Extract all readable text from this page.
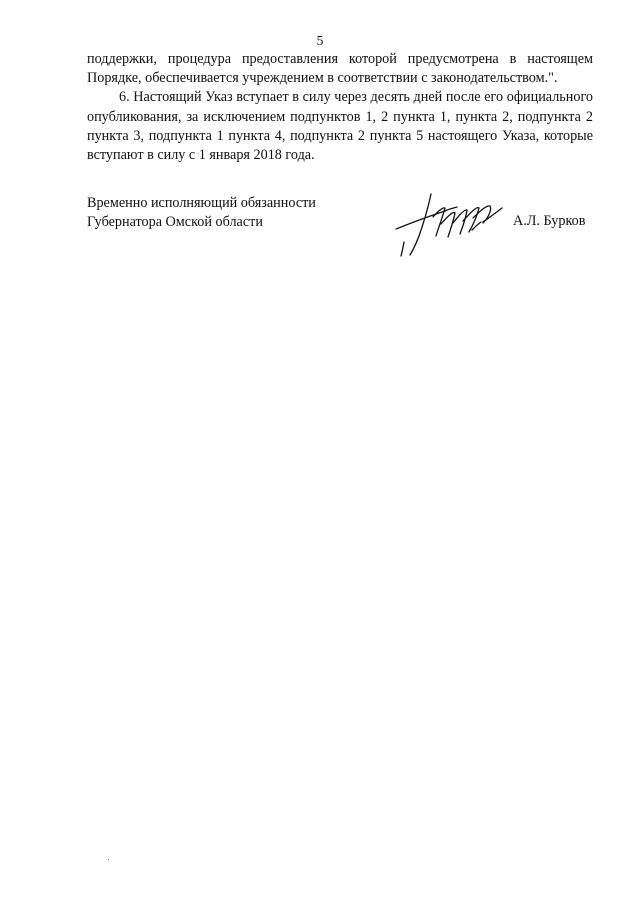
5

поддержки, процедура предоставления которой предусмотрена в настоящем Порядке, обеспечивается учреждением в соответствии с законодательством.".

6. Настоящий Указ вступает в силу через десять дней после его официального опубликования, за исключением подпунктов 1, 2 пункта 1, пункта 2, подпункта 2 пункта 3, подпункта 1 пункта 4, подпункта 2 пункта 5 настоящего Указа, которые вступают в силу с 1 января 2018 года.

Временно исполняющий обязанности
Губернатора Омской области	А.Л. Бурков
